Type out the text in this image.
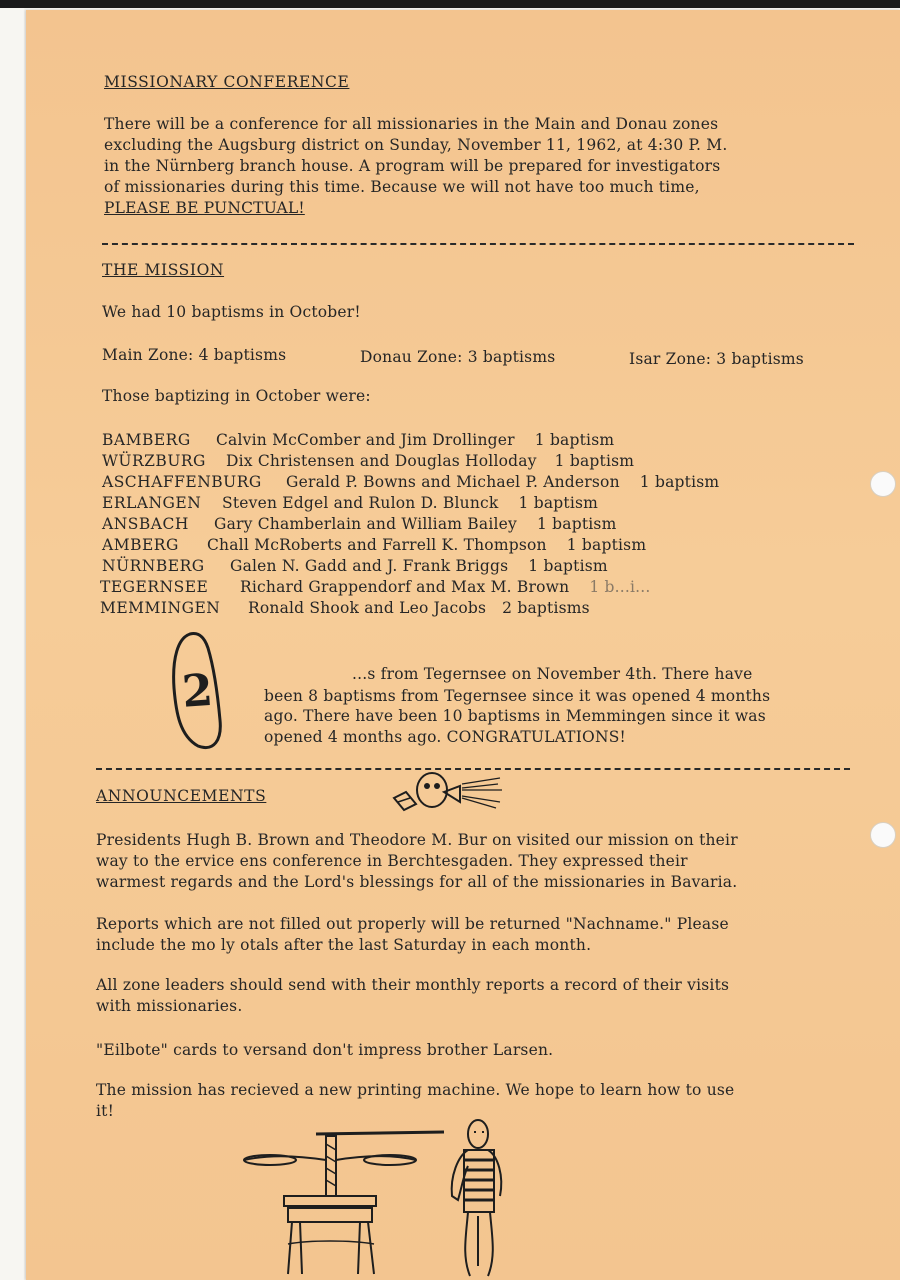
MISSIONARY CONFERENCE

There will be a conference for all missionaries in the Main and Donau zones

excluding the Augsburg district on Sunday, November 11, 1962, at 4:30 P. M.

in the Nürnberg branch house. A program will be prepared for investigators

of missionaries during this time. Because we will not have too much time,

PLEASE BE PUNCTUAL!

THE MISSION

We had 10 baptisms in October!

Main Zone: 4 baptisms	Donau Zone: 3 baptisms	Isar Zone: 3 baptisms

Those baptizing in October were:

BAMBERG Calvin McComber and Jim Drollinger 1 baptism

WÜRZBURG Dix Christensen and Douglas Holloday 1 baptism

ASCHAFFENBURG Gerald P. Bowns and Michael P. Anderson 1 baptism

ERLANGEN Steven Edgel and Rulon D. Blunck 1 baptism

ANSBACH Gary Chamberlain and William Bailey 1 baptism

AMBERG Chall McRoberts and Farrell K. Thompson 1 baptism

NÜRNBERG Galen N. Gadd and J. Frank Briggs 1 baptism

TEGERNSEE Richard Grappendorf and Max M. Brown 1 b...i...

MEMMINGEN Ronald Shook and Leo Jacobs 2 baptisms

2	...s from Tegernsee on November 4th. There have

been 8 baptisms from Tegernsee since it was opened 4 months

ago. There have been 10 baptisms in Memmingen since it was

opened 4 months ago. CONGRATULATIONS!

ANNOUNCEMENTS

Presidents Hugh B. Brown and Theodore M. Bur on visited our mission on their

way to the ervice ens conference in Berchtesgaden. They expressed their

warmest regards and the Lord's blessings for all of the missionaries in Bavaria.

Reports which are not filled out properly will be returned "Nachname." Please

include the mo ly otals after the last Saturday in each month.

All zone leaders should send with their monthly reports a record of their visits

with missionaries.

"Eilbote" cards to versand don't impress brother Larsen.

The mission has recieved a new printing machine. We hope to learn how to use

it!
